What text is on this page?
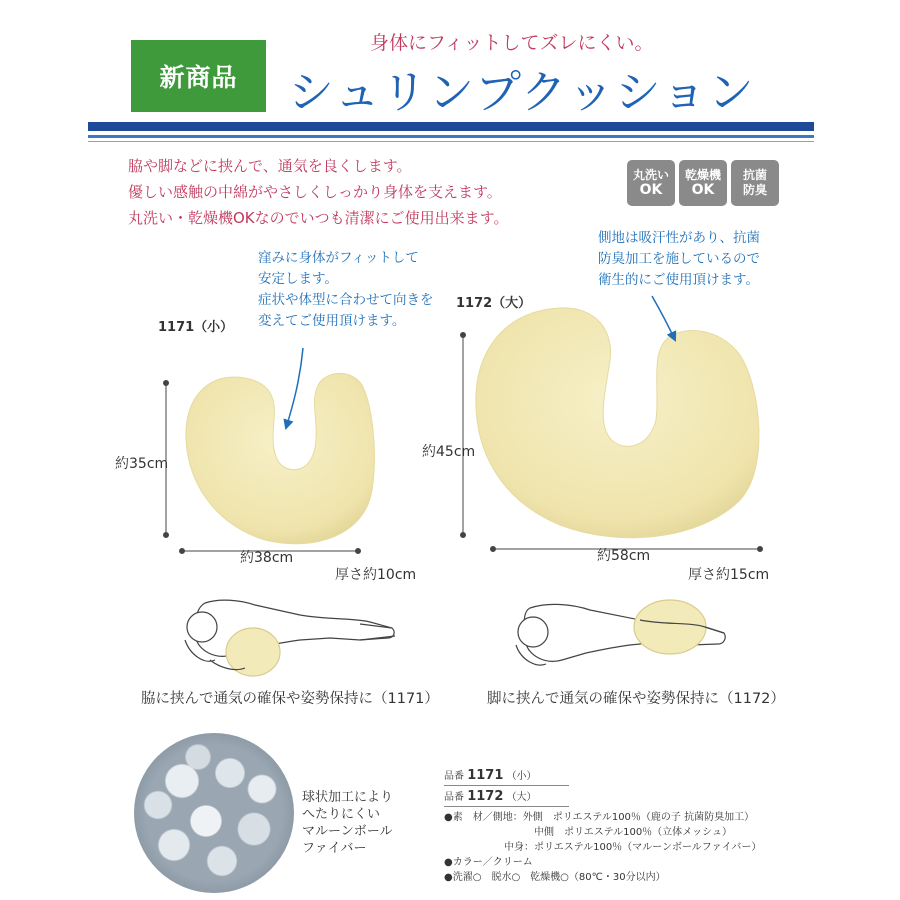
新商品
身体にフィットしてズレにくい。
シュリンプクッション
脇や脚などに挟んで、通気を良くします。
優しい感触の中綿がやさしくしっかり身体を支えます。
丸洗い・乾燥機OKなのでいつも清潔にご使用出来ます。
丸洗い
OK
乾燥機
OK
抗菌
防臭
窪みに身体がフィットして
安定します。
症状や体型に合わせて向きを
変えてご使用頂けます。
側地は吸汗性があり、抗菌
防臭加工を施しているので
衛生的にご使用頂けます。
1171（小）
1172（大）
約35cm
約38cm
厚さ約10cm
約45cm
約58cm
厚さ約15cm
脇に挟んで通気の確保や姿勢保持に（1171）	脚に挟んで通気の確保や姿勢保持に（1172）
球状加工により
へたりにくい
マルーンボール
ファイバー
品番 1171 （小）
品番 1172 （大）
●素　材／側地：外側　ポリエステル100％（鹿の子 抗菌防臭加工）
　　　　　　　　　中側　ポリエステル100％（立体メッシュ）
　　　　　　中身：ポリエステル100％（マルーンボールファイバー）
●カラー／クリーム
●洗濯○　脱水○　乾燥機○（80℃・30分以内）
